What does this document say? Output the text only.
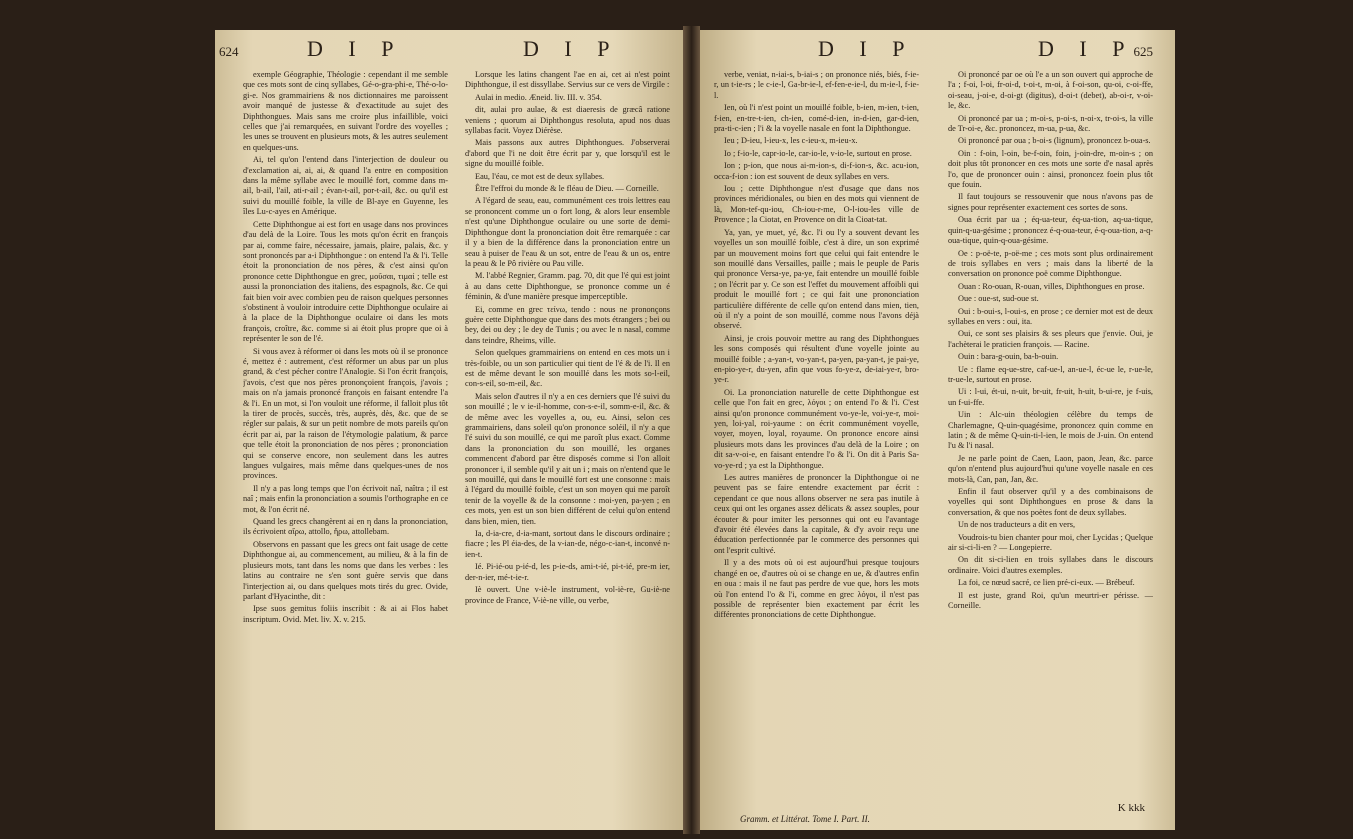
624	D I P	D I P

exemple Géographie, Théologie : cependant il me semble que ces mots sont de cinq syllabes, Gé-o-gra-phi-e, Thé-o-lo-gi-e. Nos grammairiens & nos dictionnaires me paroissent avoir manqué de justesse & d'exactitude au sujet des Diphthongues. Mais sans me croire plus infaillible, voici celles que j'ai remarquées, en suivant l'ordre des voyelles ; les unes se trouvent en plusieurs mots, & les autres seulement en quelques-uns.

Ai, tel qu'on l'entend dans l'interjection de douleur ou d'exclamation ai, ai, ai, & quand l'a entre en composition dans la même syllabe avec le mouillé fort, comme dans m-ail, b-ail, l'ail, ati-r-ail ; évan-t-ail, por-t-ail, &c. ou qu'il est suivi du mouillé foible, la ville de Bl-aye en Guyenne, les îles Lu-c-ayes en Amérique.

Cette Diphthongue ai est fort en usage dans nos provinces d'au delà de la Loire. Tous les mots qu'on écrit en françois par ai, comme faire, nécessaire, jamais, plaire, palais, &c. y sont prononcés par a-i Diphthongue : on entend l'a & l'i. Telle étoit la prononciation de nos pères, & c'est ainsi qu'on prononce cette Diphthongue en grec, μοῦσαι, τιμαί ; telle est aussi la prononciation des italiens, des espagnols, &c. Ce qui fait bien voir avec combien peu de raison quelques personnes s'obstinent à vouloir introduire cette Diphthongue oculaire ai à la place de la Diphthongue oculaire oi dans les mots françois, croître, &c. comme si ai étoit plus propre que oi à représenter le son de l'é.

Si vous avez à réformer oi dans les mots où il se prononce é, mettez é : autrement, c'est réformer un abus par un plus grand, & c'est pécher contre l'Analogie. Si l'on écrit françois, j'avois, c'est que nos pères prononçoient françois, j'avois ; mais on n'a jamais prononcé françois en faisant entendre l'a & l'i. En un mot, si l'on vouloit une réforme, il falloit plus tôt la tirer de procès, succès, très, auprès, dès, &c. que de se régler sur palais, & sur un petit nombre de mots pareils qu'on écrit par ai, par la raison de l'étymologie palatium, & parce que telle étoit la prononciation de nos pères ; prononciation qui se conserve encore, non seulement dans les autres langues vulgaires, mais même dans quelques-unes de nos provinces.

Il n'y a pas long temps que l'on écrivoit naî, naîtra ; il est naî ; mais enfin la prononciation a soumis l'orthographe en ce mot, & l'on écrit né.

Quand les grecs changèrent ai en η dans la prononciation, ils écrivoient αἴρω, attollo, ἤρω, attollebam.

Observons en passant que les grecs ont fait usage de cette Diphthongue ai, au commencement, au milieu, & à la fin de plusieurs mots, tant dans les noms que dans les verbes : les latins au contraire ne s'en sont guère servis que dans l'interjection ai, ou dans quelques mots tirés du grec. Ovide, parlant d'Hyacinthe, dit :

Ipse suos gemitus foliis inscribit : & ai ai Flos habet inscriptum. Ovid. Met. liv. X. v. 215.

Lorsque les latins changent l'ae en ai, cet ai n'est point Diphthongue, il est dissyllabe. Servius sur ce vers de Virgile :

Aulai in medio. Æneid. liv. III. v. 354.

dit, aulai pro aulae, & est diaeresis de græcâ ratione veniens ; quorum ai Diphthongus resoluta, apud nos duas syllabas facit. Voyez Diérèse.

Mais passons aux autres Diphthongues. J'observerai d'abord que l'i ne doit être écrit par y, que lorsqu'il est le signe du mouillé foible.

Eau, l'éau, ce mot est de deux syllabes.

Être l'effroi du monde & le fléau de Dieu. — Corneille.

A l'égard de seau, eau, communément ces trois lettres eau se prononcent comme un o fort long, & alors leur ensemble n'est qu'une Diphthongue oculaire ou une sorte de demi-Diphthongue dont la prononciation doit être remarquée : car il y a bien de la différence dans la prononciation entre un seau à puiser de l'eau & un sot, entre de l'eau & un os, entre la peau & le Pô rivière ou Pau ville.

M. l'abbé Regnier, Gramm. pag. 70, dit que l'é qui est joint à au dans cette Diphthongue, se prononce comme un é féminin, & d'une manière presque imperceptible.

Ei, comme en grec τείνω, tendo : nous ne prononçons guère cette Diphthongue que dans des mots étrangers ; bei ou bey, dei ou dey ; le dey de Tunis ; ou avec le n nasal, comme dans teindre, Rheims, ville.

Selon quelques grammairiens on entend en ces mots un i très-foible, ou un son particulier qui tient de l'é & de l'i. Il en est de même devant le son mouillé dans les mots so-l-eil, con-s-eil, so-m-eil, &c.

Mais selon d'autres il n'y a en ces derniers que l'é suivi du son mouillé ; le v ie-il-homme, con-s-e-il, somm-e-il, &c. & de même avec les voyelles a, ou, eu. Ainsi, selon ces grammairiens, dans soleil qu'on prononce soléil, il n'y a que l'é suivi du son mouillé, ce qui me paroît plus exact. Comme dans la prononciation du son mouillé, les organes commencent d'abord par être disposés comme si l'on alloit prononcer i, il semble qu'il y ait un i ; mais on n'entend que le son mouillé, qui dans le mouillé fort est une consonne : mais à l'égard du mouillé foible, c'est un son moyen qui me paroît tenir de la voyelle & de la consonne : moi-yen, pa-yen ; en ces mots, yen est un son bien différent de celui qu'on entend dans bien, mien, tien.

Ia, d-ia-cre, d-ia-mant, sortout dans le discours ordinaire ; fiacre ; les Pl éia-des, de la v-ian-de, négo-c-ian-t, inconvé n-ien-t.

Ié. Pi-ié-ou p-ié-d, les p-ie-ds, ami-t-ié, pi-t-ié, pre-m ier, der-n-ier, mé-t-ie-r.

Iè ouvert. Une v-iè-le instrument, vol-iè-re, Gu-iè-ne province de France, V-iè-ne ville, ou verbe,

D I P	D I P 625

verbe, veniat, n-iai-s, b-iai-s ; on prononce niés, biés, f-ie-r, un t-ie-rs ; le c-ie-l, Ga-br-ie-l, ef-fen-e-ie-l, du m-ie-l, f-ie-l.

Ien, où l'i n'est point un mouillé foible, b-ien, m-ien, t-ien, f-ien, en-tre-t-ien, ch-ien, comé-d-ien, in-d-ien, gar-d-ien, pra-ti-c-ien ; l'i & la voyelle nasale en font la Diphthongue.

Ieu ; D-ieu, l-ieu-x, les c-ieu-x, m-ieu-x.

Io ; f-io-le, capr-io-le, car-io-le, v-io-le, surtout en prose.

Ion ; p-ion, que nous ai-m-ion-s, di-f-ion-s, &c. acu-ion, occa-f-ion : ion est souvent de deux syllabes en vers.

Iou ; cette Diphthongue n'est d'usage que dans nos provinces méridionales, ou bien en des mots qui viennent de là, Mon-tef-qu-iou, Ch-iou-r-me, O-l-iou-les ville de Provence ; la Ciotat, en Provence on dit la Cioat-tat.

Ya, yan, ye muet, yé, &c. l'i ou l'y a souvent devant les voyelles un son mouillé foible, c'est à dire, un son exprimé par un mouvement moins fort que celui qui fait entendre le son mouillé dans Versailles, paille ; mais le peuple de Paris qui prononce Versa-ye, pa-ye, fait entendre un mouillé foible ; on l'écrit par y. Ce son est l'effet du mouvement affoibli qui produit le mouillé fort ; ce qui fait une prononciation particulière différente de celle qu'on entend dans mien, tien, où il n'y a point de son mouillé, comme nous l'avons déjà observé.

Ainsi, je crois pouvoir mettre au rang des Diphthongues les sons composés qui résultent d'une voyelle jointe au mouillé foible ; a-yan-t, vo-yan-t, pa-yen, pa-yan-t, je pai-ye, en-pio-ye-r, du-yen, afin que vous fo-ye-z, de-iai-ye-r, bro-ye-r.

Oi. La prononciation naturelle de cette Diphthongue est celle que l'on fait en grec, λόγοι ; on entend l'o & l'i. C'est ainsi qu'on prononce communément vo-ye-le, voi-ye-r, moi-yen, loi-yal, roi-yaume : on écrit communément voyelle, voyer, moyen, loyal, royaume. On prononce encore ainsi plusieurs mots dans les provinces d'au delà de la Loire ; on dit sa-v-oi-e, en faisant entendre l'o & l'i. On dit à Paris Sa-vo-ye-rd ; ya est la Diphthongue.

Les autres manières de prononcer la Diphthongue oi ne peuvent pas se faire entendre exactement par écrit : cependant ce que nous allons observer ne sera pas inutile à ceux qui ont les organes assez délicats & assez souples, pour écouter & pour imiter les personnes qui ont eu l'avantage d'avoir été élevées dans la capitale, & d'y avoir reçu une éducation perfectionnée par le commerce des personnes qui ont l'esprit cultivé.

Il y a des mots où oi est aujourd'hui presque toujours changé en oe, d'autres où oi se change en ue, & d'autres enfin en oua : mais il ne faut pas perdre de vue que, hors les mots où l'on entend l'o & l'i, comme en grec λόγοι, il n'est pas possible de représenter bien exactement par écrit les différentes prononciations de cette Diphthongue.

Oi prononcé par oe où l'e a un son ouvert qui approche de l'a ; f-oi, l-oi, fr-oi-d, t-oi-t, m-oi, à f-oi-son, qu-oi, c-oi-ffe, oi-seau, j-oi-e, d-oi-gt (digitus), d-oi-t (debet), ab-oi-r, v-oi-le, &c.

Oi prononcé par ua ; m-oi-s, p-oi-s, n-oi-x, tr-oi-s, la ville de Tr-oi-e, &c. prononcez, m-ua, p-ua, &c.

Oi prononcé par oua ; b-oi-s (lignum), prononcez b-oua-s.

Oin : f-oin, l-oin, be-f-oin, foin, j-oin-dre, m-oin-s ; on doit plus tôt prononcer en ces mots une sorte d'e nasal après l'o, que de prononcer ouin : ainsi, prononcez foein plus tôt que fouin.

Il faut toujours se ressouvenir que nous n'avons pas de signes pour représenter exactement ces sortes de sons.

Oua écrit par ua ; éq-ua-teur, éq-ua-tion, aq-ua-tique, quin-q-ua-gésime ; prononcez é-q-oua-teur, é-q-oua-tion, a-q-oua-tique, quin-q-oua-gésime.

Oe : p-oë-te, p-oë-me ; ces mots sont plus ordinairement de trois syllabes en vers ; mais dans la liberté de la conversation on prononce poë comme Diphthongue.

Ouan : Ro-ouan, R-ouan, villes, Diphthongues en prose.

Oue : oue-st, sud-oue st.

Oui : b-oui-s, l-oui-s, en prose ; ce dernier mot est de deux syllabes en vers : oui, ita.

Oui, ce sont ses plaisirs & ses pleurs que j'envie. Oui, je l'achèterai le praticien françois. — Racine.

Ouin : bara-g-ouin, ba-b-ouin.

Ue : flame eq-ue-stre, caf-ue-l, an-ue-l, éc-ue le, r-ue-le, tr-ue-le, surtout en prose.

Ui : l-ui, ét-ui, n-uit, br-uit, fr-uit, h-uit, b-ui-re, je f-uis, un f-ui-ffe.

Uin : Alc-uin théologien célèbre du temps de Charlemagne, Q-uin-quagésime, prononcez quin comme en latin ; & de même Q-uin-ti-l-ien, le mois de J-uin. On entend l'u & l'i nasal.

Je ne parle point de Caen, Laon, paon, Jean, &c. parce qu'on n'entend plus aujourd'hui qu'une voyelle nasale en ces mots-là, Can, pan, Jan, &c.

Enfin il faut observer qu'il y a des combinaisons de voyelles qui sont Diphthongues en prose & dans la conversation, & que nos poètes font de deux syllabes.

Un de nos traducteurs a dit en vers,

Voudrois-tu bien chanter pour moi, cher Lycidas ; Quelque air si-ci-li-en ? — Longepierre.

On dit si-ci-lien en trois syllabes dans le discours ordinaire. Voici d'autres exemples.

La foi, ce nœud sacré, ce lien pré-ci-eux. — Brébeuf.

Il est juste, grand Roi, qu'un meurtri-er périsse. — Corneille.

Gramm. et Littérat. Tome I. Part. II.
K kkk
